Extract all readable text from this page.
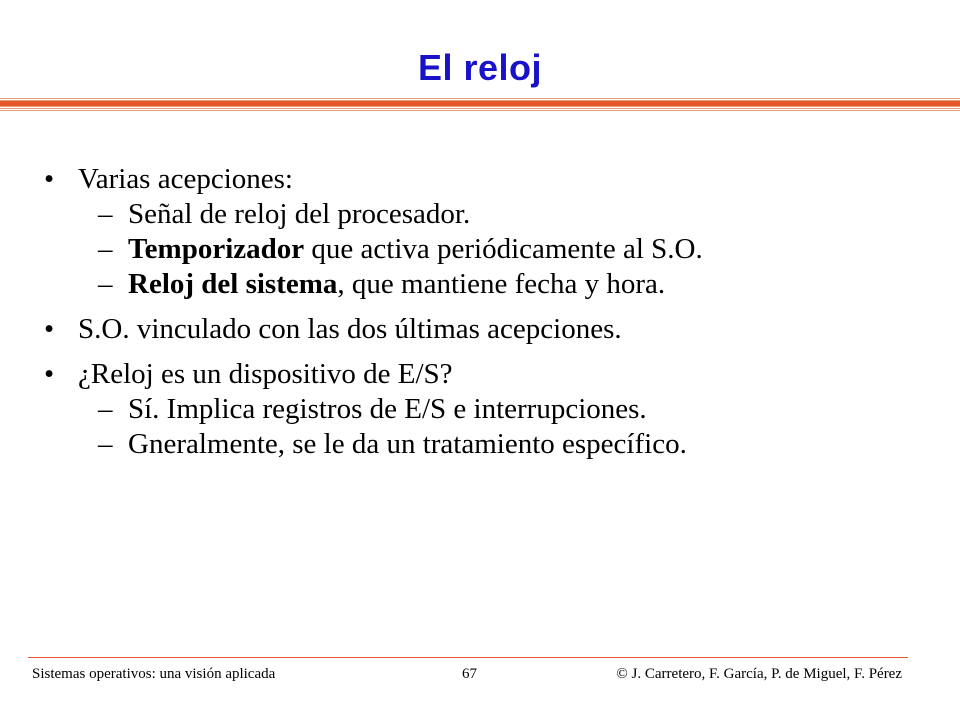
El reloj
• Varias acepciones:
– Señal de reloj del procesador.
– Temporizador que activa periódicamente al S.O.
– Reloj del sistema, que mantiene fecha y hora.
• S.O. vinculado con las dos últimas acepciones.
• ¿Reloj es un dispositivo de E/S?
– Sí. Implica registros de E/S e interrupciones.
– Gneralmente, se le da un tratamiento específico.
Sistemas operativos: una visión aplicada	67	© J. Carretero, F. García, P. de Miguel, F. Pérez
